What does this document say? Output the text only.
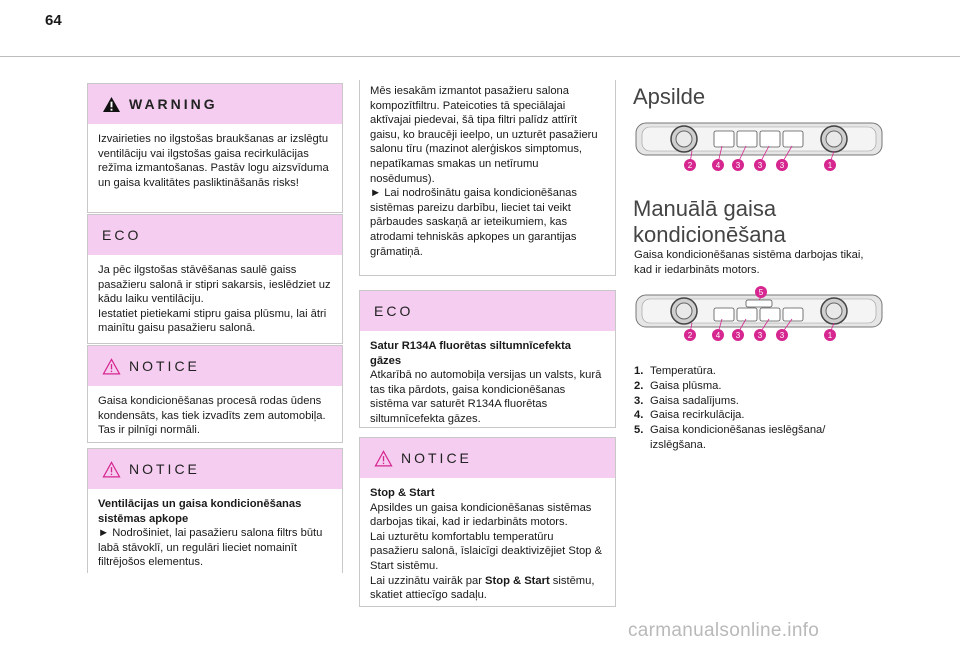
64
WARNING
Izvairieties no ilgstošas braukšanas ar izslēgtu ventilāciju vai ilgstošas gaisa recirkulācijas režīma izmantošanas. Pastāv logu aizsvīduma un gaisa kvalitātes pasliktināšanās risks!
ECO
Ja pēc ilgstošas stāvēšanas saulē gaiss pasažieru salonā ir stipri sakarsis, ieslēdziet uz kādu laiku ventilāciju.
Iestatiet pietiekami stipru gaisa plūsmu, lai ātri mainītu gaisu pasažieru salonā.
NOTICE
Gaisa kondicionēšanas procesā rodas ūdens kondensāts, kas tiek izvadīts zem automobiļa. Tas ir pilnīgi normāli.
NOTICE
Ventilācijas un gaisa kondicionēšanas sistēmas apkope
► Nodrošiniet, lai pasažieru salona filtrs būtu labā stāvoklī, un regulāri lieciet nomainīt filtrējošos elementus.
Mēs iesakām izmantot pasažieru salona kompozītfiltru. Pateicoties tā speciālajai aktīvajai piedevai, šā tipa filtri palīdz attīrīt gaisu, ko braucēji ieelpo, un uzturēt pasažieru salonu tīru (mazinot alerģiskos simptomus, nepatīkamas smakas un netīrumu nosēdumus).
► Lai nodrošinātu gaisa kondicionēšanas sistēmas pareizu darbību, lieciet tai veikt pārbaudes saskaņā ar ieteikumiem, kas atrodami tehniskās apkopes un garantijas grāmatiņā.
ECO
Satur R134A fluorētas siltumnīcefekta gāzes
Atkarībā no automobiļa versijas un valsts, kurā tas tika pārdots, gaisa kondicionēšanas sistēma var saturēt R134A fluorētas siltumnīcefekta gāzes.
NOTICE
Stop & Start
Apsildes un gaisa kondicionēšanas sistēmas darbojas tikai, kad ir iedarbināts motors.
Lai uzturētu komfortablu temperatūru pasažieru salonā, īslaicīgi deaktivizējiet Stop & Start sistēmu.
Lai uzzinātu vairāk par Stop & Start sistēmu, skatiet attiecīgo sadaļu.
Apsilde
2	4 3 3 3	1
Manuālā gaisa
kondicionēšana
Gaisa kondicionēšanas sistēma darbojas tikai, kad ir iedarbināts motors.
5
2	4 3 3 3	1
1. Temperatūra.
2. Gaisa plūsma.
3. Gaisa sadalījums.
4. Gaisa recirkulācija.
5. Gaisa kondicionēšanas ieslēgšana/ izslēgšana.
carmanualsonline.info
